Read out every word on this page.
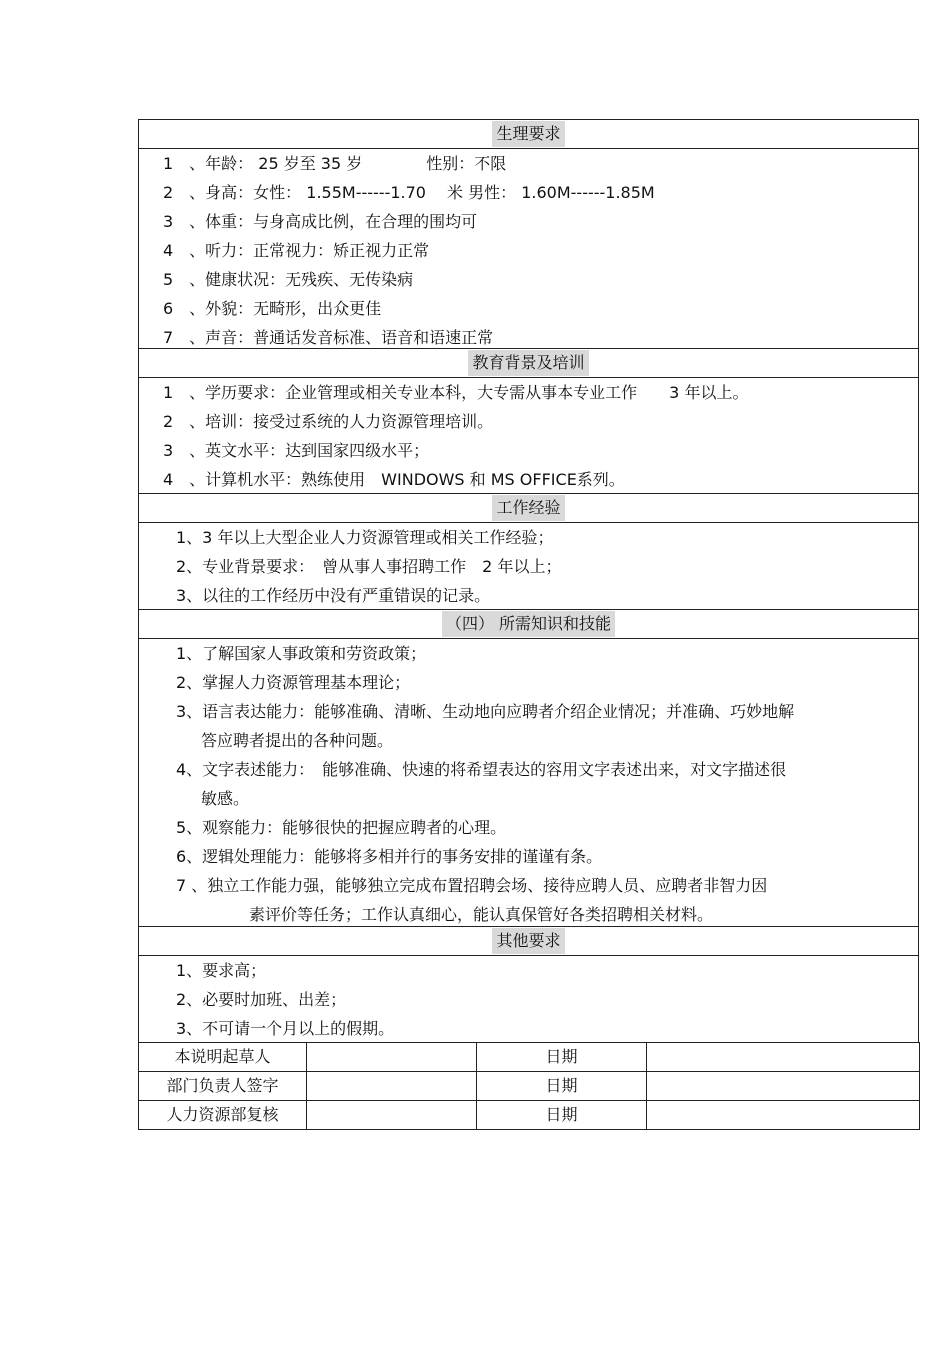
生理要求
1　、年龄： 25 岁至 35 岁　　　　性别：不限
2　、身高：女性： 1.55M------1.70　 米 男性： 1.60M------1.85M
3　、体重：与身高成比例，在合理的围均可
4　、听力：正常视力：矫正视力正常
5　、健康状况：无残疾、无传染病
6　、外貌：无畸形，出众更佳
7　、声音：普通话发音标准、语音和语速正常
教育背景及培训
1　、学历要求：企业管理或相关专业本科，大专需从事本专业工作　　3 年以上。
2　、培训：接受过系统的人力资源管理培训。
3　、英文水平：达到国家四级水平；
4　、计算机水平：熟练使用　WINDOWS 和 MS OFFICE系列。
工作经验
1、3 年以上大型企业人力资源管理或相关工作经验；
2、专业背景要求：　曾从事人事招聘工作　2 年以上；
3、以往的工作经历中没有严重错误的记录。
（四） 所需知识和技能
1、了解国家人事政策和劳资政策；
2、掌握人力资源管理基本理论；
3、语言表达能力：能够准确、清晰、生动地向应聘者介绍企业情况；并准确、巧妙地解
答应聘者提出的各种问题。
4、文字表述能力：　能够准确、快速的将希望表达的容用文字表述出来，对文字描述很
敏感。
5、观察能力：能够很快的把握应聘者的心理。
6、逻辑处理能力：能够将多相并行的事务安排的谨谨有条。
7 、独立工作能力强，能够独立完成布置招聘会场、接待应聘人员、应聘者非智力因
素评价等任务；工作认真细心，能认真保管好各类招聘相关材料。
其他要求
1、要求高；
2、必要时加班、出差；
3、不可请一个月以上的假期。
本说明起草人		日期	
部门负责人签字		日期	
人力资源部复核		日期	
